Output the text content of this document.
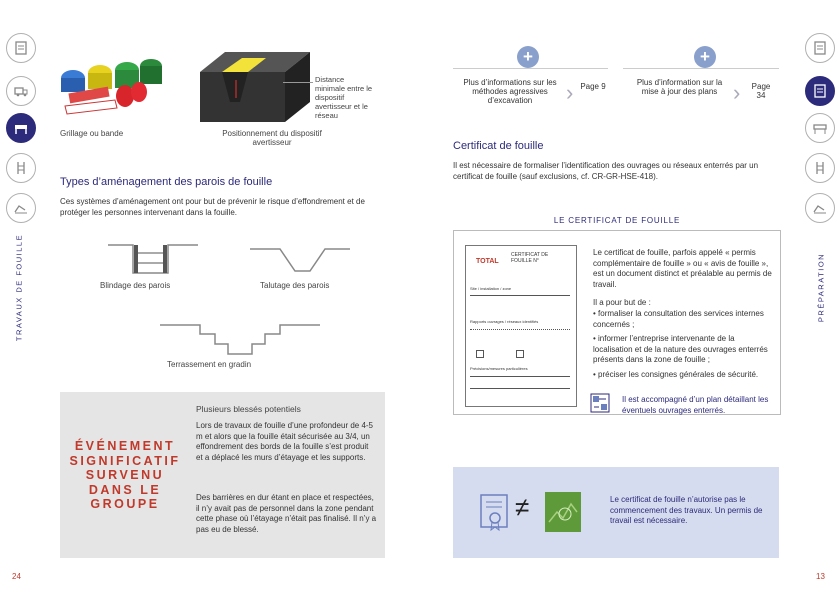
TRAVAUX DE FOUILLE	PRÉPARATION
Grillage ou bande
Distance minimale entre le dispositif avertisseur et le réseau
Positionnement du dispositif avertisseur
Types d’aménagement des parois de fouille
Ces systèmes d’aménagement ont pour but de prévenir le risque d’effondrement et de protéger les personnes intervenant dans la fouille.
Blindage des parois	Talutage des parois
Terrassement en gradin
ÉVÉNEMENT SIGNIFICATIF SURVENU DANS LE GROUPE
Plusieurs blessés potentiels
Lors de travaux de fouille d’une profondeur de 4-5 m et alors que la fouille était sécurisée au 3/4, un effondrement des bords de la fouille s’est produit et a déplacé les murs d’étayage et les supports.
Des barrières en dur étant en place et respectées, il n’y avait pas de personnel dans la zone pendant cette phase où l’étayage n’était pas finalisé. Il n’y a pas eu de blessé.
24	13
+
Plus d’informations sur les méthodes agressives d’excavation	› Page 9
+
Plus d’information sur la mise à jour des plans ›	Page 34
Certificat de fouille
Il est nécessaire de formaliser l’identification des ouvrages ou réseaux enterrés par un certificat de fouille (sauf exclusions, cf. CR-GR-HSE-418).
LE CERTIFICAT DE FOUILLE
TOTAL
CERTIFICAT DE FOUILLE N°
Site / installation / zone
Rapports ouvrages / réseaux identifiés
Précisions/mesures particulières
Le certificat de fouille, parfois appelé « permis complémentaire de fouille » ou « avis de fouille », est un document distinct et préalable au permis de travail.
Il a pour but de :
• formaliser la consultation des services internes concernés ;
• informer l’entreprise intervenante de la localisation et de la nature des ouvrages enterrés présents dans la zone de fouille ;
• préciser les consignes générales de sécurité.
Il est accompagné d’un plan détaillant les éventuels ouvrages enterrés.
≠	Le certificat de fouille n’autorise pas le commencement des travaux. Un permis de travail est nécessaire.
